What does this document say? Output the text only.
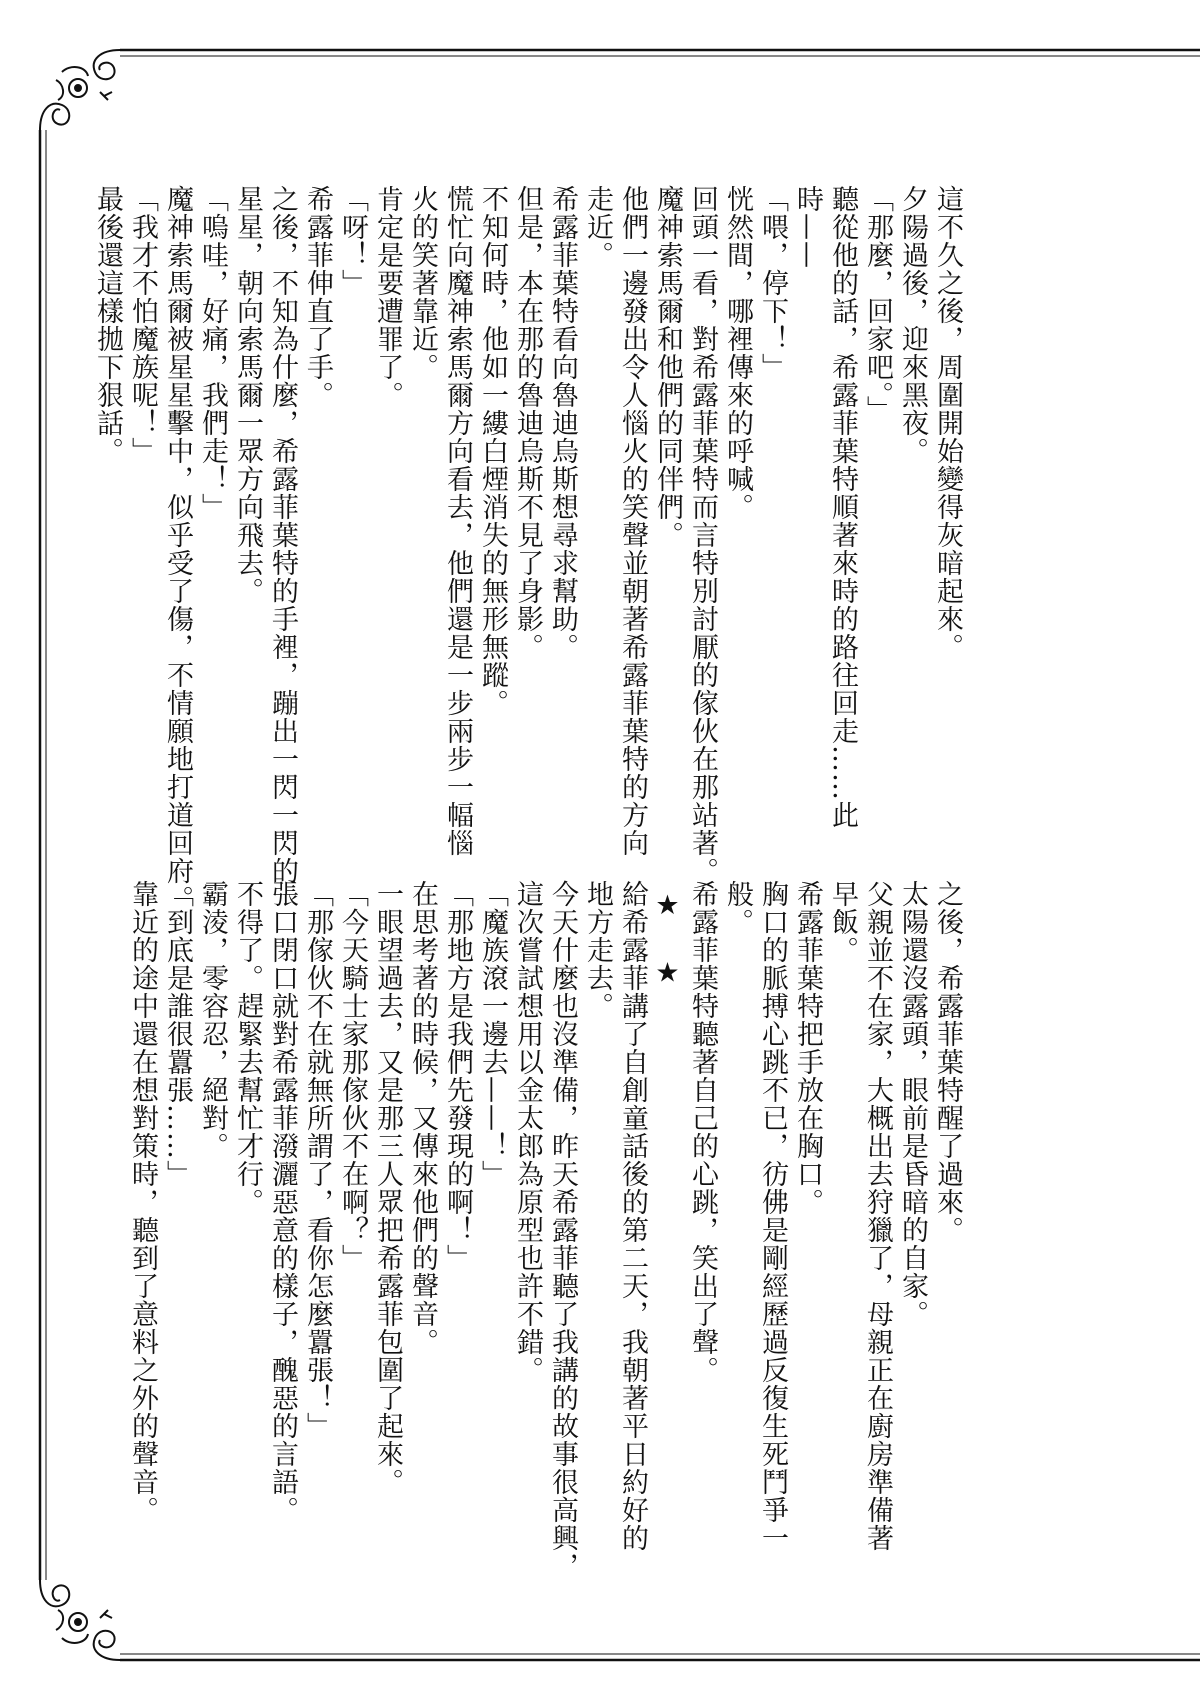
這不久之後，周圍開始變得灰暗起來。
夕陽過後，迎來黑夜。
「那麼，回家吧。」
聽從他的話，希露菲葉特順著來時的路往回走……此
時——
「喂，停下！」
恍然間，哪裡傳來的呼喊。
回頭一看，對希露菲葉特而言特別討厭的傢伙在那站著。
魔神索馬爾和他們的同伴們。
他們一邊發出令人惱火的笑聲並朝著希露菲葉特的方向
走近。
希露菲葉特看向魯迪烏斯想尋求幫助。
但是，本在那的魯迪烏斯不見了身影。
不知何時，他如一縷白煙消失的無形無蹤。
慌忙向魔神索馬爾方向看去，他們還是一步兩步一幅惱
火的笑著靠近。
肯定是要遭罪了。
「呀！」
希露菲伸直了手。
之後，不知為什麼，希露菲葉特的手裡，蹦出一閃一閃的
星星，朝向索馬爾一眾方向飛去。
「嗚哇，好痛，我們走！」
魔神索馬爾被星星擊中，似乎受了傷，不情願地打道回府。
「我才不怕魔族呢！」
最後還這樣拋下狠話。
之後，希露菲葉特醒了過來。
太陽還沒露頭，眼前是昏暗的自家。
父親並不在家，大概出去狩獵了，母親正在廚房準備著
早飯。
希露菲葉特把手放在胸口。
胸口的脈搏心跳不已，彷佛是剛經歷過反復生死鬥爭一
般。
希露菲葉特聽著自己的心跳，笑出了聲。
★ ★
給希露菲講了自創童話後的第二天，我朝著平日約好的
地方走去。
今天什麼也沒準備，昨天希露菲聽了我講的故事很高興，
這次嘗試想用以金太郎為原型也許不錯。
「魔族滾一邊去——！」
「那地方是我們先發現的啊！」
在思考著的時候，又傳來他們的聲音。
一眼望過去，又是那三人眾把希露菲包圍了起來。
「今天騎士家那傢伙不在啊？」
「那傢伙不在就無所謂了，看你怎麼囂張！」
張口閉口就對希露菲潑灑惡意的樣子，醜惡的言語。
不得了。趕緊去幫忙才行。
霸淩，零容忍，絕對。
「到底是誰很囂張……」
靠近的途中還在想對策時，聽到了意料之外的聲音。
